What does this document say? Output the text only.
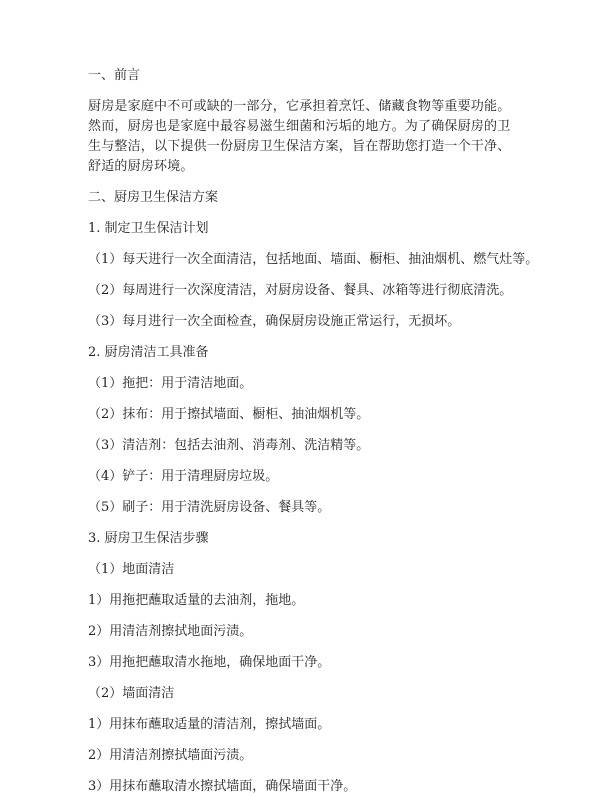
一、前言

厨房是家庭中不可或缺的一部分，它承担着烹饪、储藏食物等重要功能。然而，厨房也是家庭中最容易滋生细菌和污垢的地方。为了确保厨房的卫生与整洁，以下提供一份厨房卫生保洁方案，旨在帮助您打造一个干净、舒适的厨房环境。

二、厨房卫生保洁方案

1. 制定卫生保洁计划

（1）每天进行一次全面清洁，包括地面、墙面、橱柜、抽油烟机、燃气灶等。

（2）每周进行一次深度清洁，对厨房设备、餐具、冰箱等进行彻底清洗。

（3）每月进行一次全面检查，确保厨房设施正常运行，无损坏。

2. 厨房清洁工具准备

（1）拖把：用于清洁地面。

（2）抹布：用于擦拭墙面、橱柜、抽油烟机等。

（3）清洁剂：包括去油剂、消毒剂、洗洁精等。

（4）铲子：用于清理厨房垃圾。

（5）刷子：用于清洗厨房设备、餐具等。

3. 厨房卫生保洁步骤

（1）地面清洁

1）用拖把蘸取适量的去油剂，拖地。

2）用清洁剂擦拭地面污渍。

3）用拖把蘸取清水拖地，确保地面干净。

（2）墙面清洁

1）用抹布蘸取适量的清洁剂，擦拭墙面。

2）用清洁剂擦拭墙面污渍。

3）用抹布蘸取清水擦拭墙面，确保墙面干净。
